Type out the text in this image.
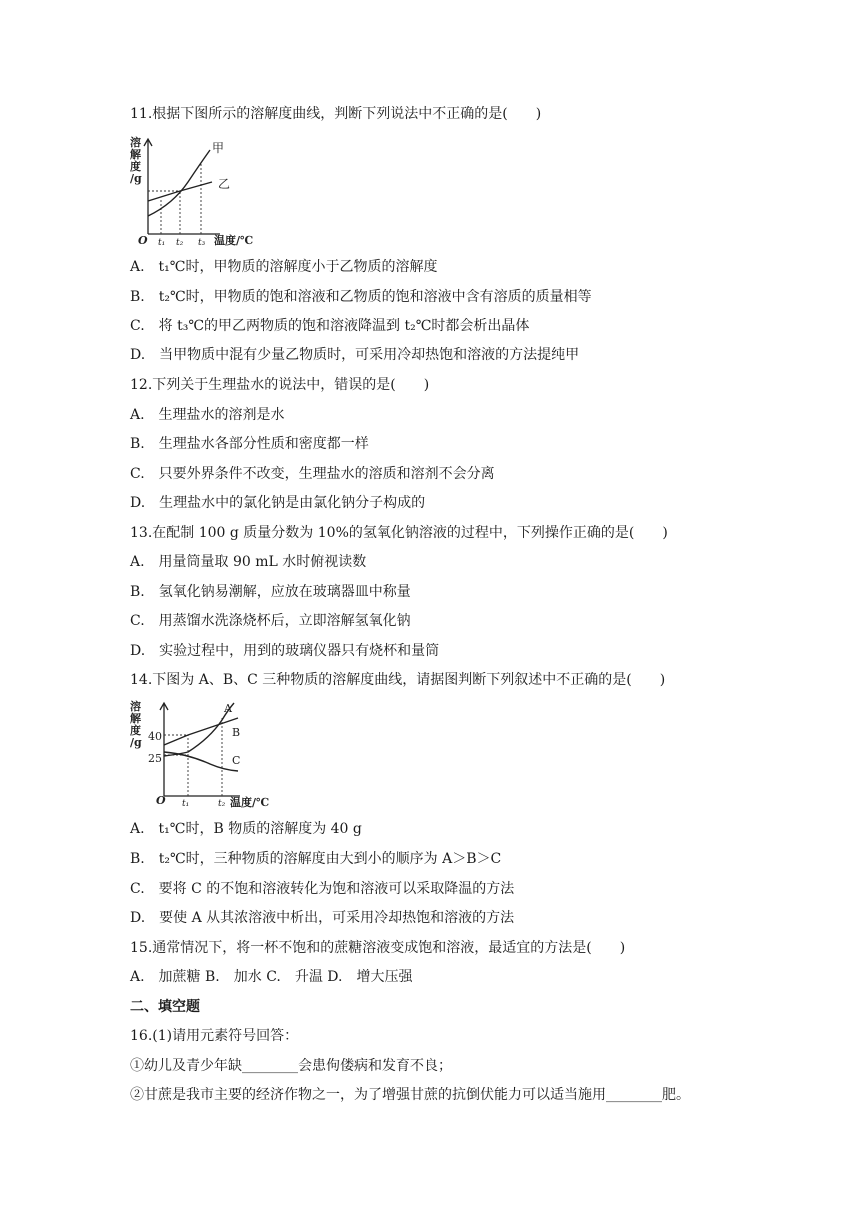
11.根据下图所示的溶解度曲线，判断下列说法中不正确的是(　　)
溶
解
度
/g
O	温度/℃
t₁ t₂ t₃
甲
乙
A.　t₁℃时，甲物质的溶解度小于乙物质的溶解度
B.　t₂℃时，甲物质的饱和溶液和乙物质的饱和溶液中含有溶质的质量相等
C.　将 t₃℃的甲乙两物质的饱和溶液降温到 t₂℃时都会析出晶体
D.　当甲物质中混有少量乙物质时，可采用冷却热饱和溶液的方法提纯甲
12.下列关于生理盐水的说法中，错误的是(　　)
A.　生理盐水的溶剂是水
B.　生理盐水各部分性质和密度都一样
C.　只要外界条件不改变，生理盐水的溶质和溶剂不会分离
D.　生理盐水中的氯化钠是由氯化钠分子构成的
13.在配制 100 g 质量分数为 10%的氢氧化钠溶液的过程中，下列操作正确的是(　　)
A.　用量筒量取 90 mL 水时俯视读数
B.　氢氧化钠易潮解，应放在玻璃器皿中称量
C.　用蒸馏水洗涤烧杯后，立即溶解氢氧化钠
D.　实验过程中，用到的玻璃仪器只有烧杯和量筒
14.下图为 A、B、C 三种物质的溶解度曲线，请据图判断下列叙述中不正确的是(　　)
溶
解
度
/g
O	温度/℃
40
25
t₁	t₂
A
B
C
A.　t₁℃时，B 物质的溶解度为 40 g
B.　t₂℃时，三种物质的溶解度由大到小的顺序为 A＞B＞C
C.　要将 C 的不饱和溶液转化为饱和溶液可以采取降温的方法
D.　要使 A 从其浓溶液中析出，可采用冷却热饱和溶液的方法
15.通常情况下，将一杯不饱和的蔗糖溶液变成饱和溶液，最适宜的方法是(　　)
A.　加蔗糖 B.　加水 C.　升温 D.　增大压强
二、填空题
16.(1)请用元素符号回答：
①幼儿及青少年缺________会患佝偻病和发育不良；
②甘蔗是我市主要的经济作物之一，为了增强甘蔗的抗倒伏能力可以适当施用________肥。
